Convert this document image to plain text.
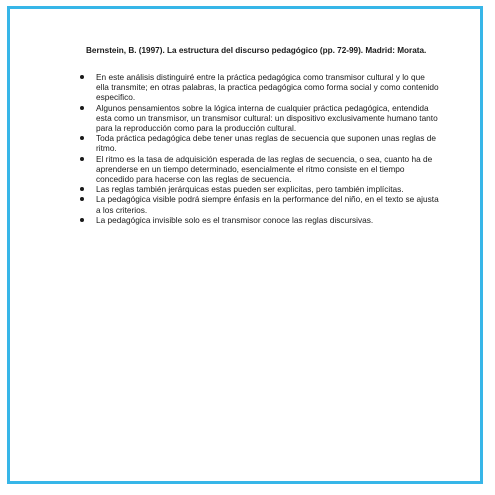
Bernstein, B. (1997). La estructura del discurso pedagógico (pp. 72-99). Madrid: Morata.

En este análisis distinguiré entre la práctica pedagógica como transmisor cultural y lo que ella transmite; en otras palabras, la practica pedagógica como forma social y como contenido especifico.
Algunos pensamientos sobre la lógica interna de cualquier práctica pedagógica, entendida esta como un transmisor, un transmisor cultural: un dispositivo exclusivamente humano tanto para la reproducción como para la producción cultural.
Toda práctica pedagógica debe tener unas reglas de secuencia que suponen unas reglas de ritmo.
El ritmo es la tasa de adquisición esperada de las reglas de secuencia, o sea, cuanto ha de aprenderse en un tiempo determinado, esencialmente el ritmo consiste en el tiempo concedido para hacerse con las reglas de secuencia.
Las reglas también jerárquicas estas pueden ser explicitas, pero también implícitas.
La pedagógica visible podrá siempre énfasis en la performance del niño, en el texto se ajusta a los criterios.
La pedagógica invisible solo es el transmisor conoce las reglas discursivas.
